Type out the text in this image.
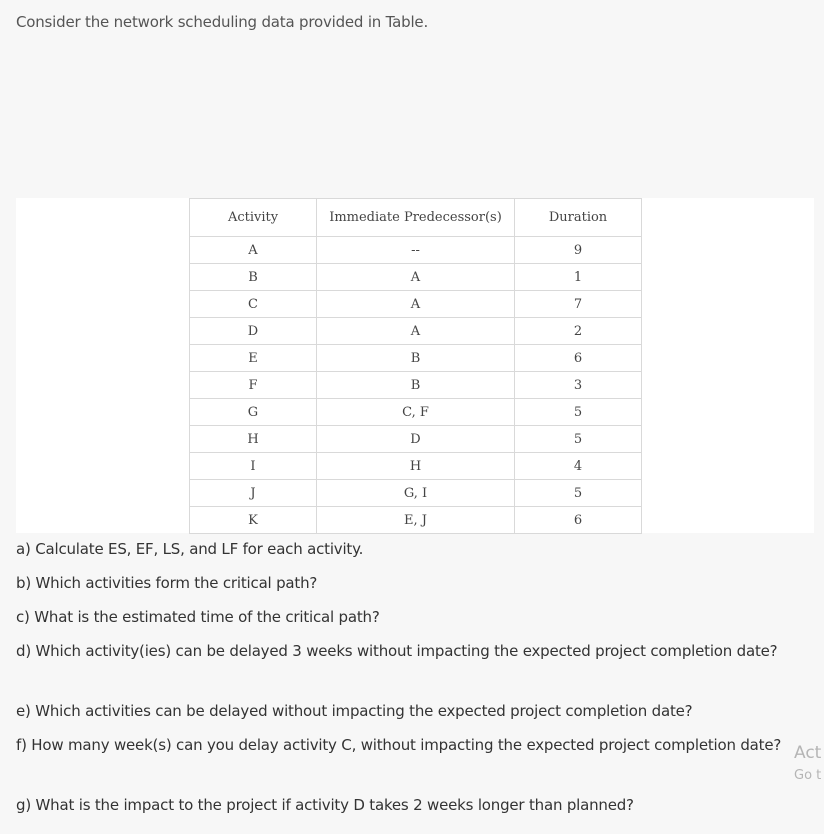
Consider the network scheduling data provided in Table.
Activity	Immediate Predecessor(s)	Duration
A	--	9
B	A	1
C	A	7
D	A	2
E	B	6
F	B	3
G	C, F	5
H	D	5
I	H	4
J	G, I	5
K	E, J	6

a) Calculate ES, EF, LS, and LF for each activity.

b) Which activities form the critical path?

c) What is the estimated time of the critical path?

d) Which activity(ies) can be delayed 3 weeks without impacting the expected project completion date?

e) Which activities can be delayed without impacting the expected project completion date?

f) How many week(s) can you delay activity C, without impacting the expected project completion date?

g) What is the impact to the project if activity D takes 2 weeks longer than planned?

Act
Go t
